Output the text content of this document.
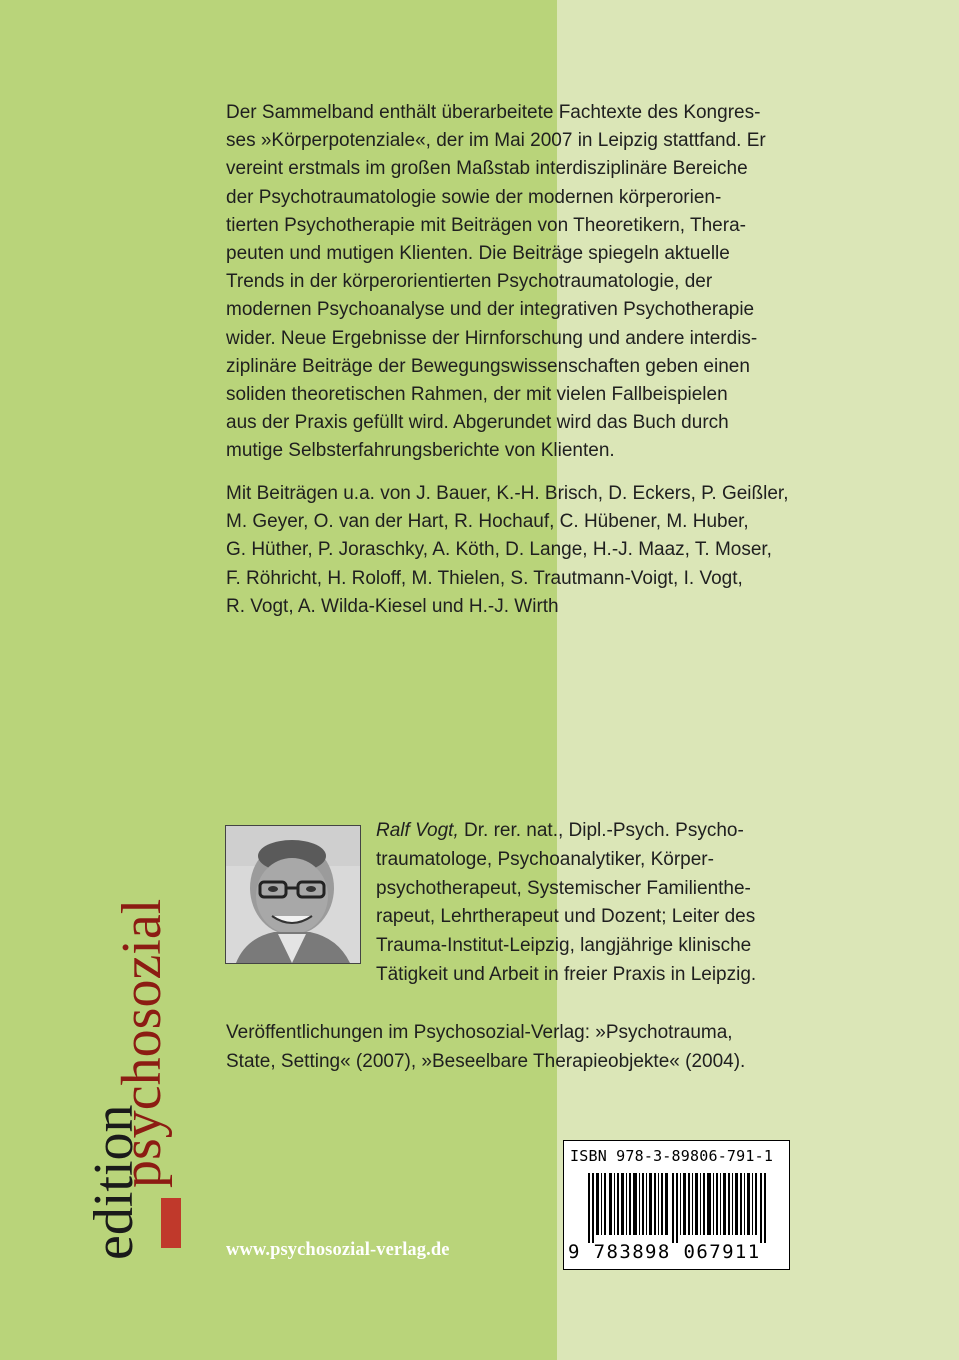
Der Sammelband enthält überarbeitete Fachtexte des Kongres-

ses »Körperpotenziale«, der im Mai 2007 in Leipzig stattfand. Er

vereint erstmals im großen Maßstab interdisziplinäre Bereiche

der Psychotraumatologie sowie der modernen körperorien-

tierten Psychotherapie mit Beiträgen von Theoretikern, Thera-

peuten und mutigen Klienten. Die Beiträge spiegeln aktuelle

Trends in der körperorientierten Psychotraumatologie, der

modernen Psychoanalyse und der integrativen Psychotherapie

wider. Neue Ergebnisse der Hirnforschung und andere interdis-

ziplinäre Beiträge der Bewegungswissenschaften geben einen

soliden theoretischen Rahmen, der mit vielen Fallbeispielen

aus der Praxis gefüllt wird. Abgerundet wird das Buch durch

mutige Selbsterfahrungsberichte von Klienten.

Mit Beiträgen u.a. von J. Bauer, K.-H. Brisch, D. Eckers, P. Geißler,

M. Geyer, O. van der Hart, R. Hochauf, C. Hübener, M. Huber,

G. Hüther, P. Joraschky, A. Köth, D. Lange, H.-J. Maaz, T. Moser,

F. Röhricht, H. Roloff, M. Thielen, S. Trautmann-Voigt, I. Vogt,

R. Vogt, A. Wilda-Kiesel und H.-J. Wirth

Ralf Vogt, Dr. rer. nat., Dipl.-Psych. Psycho-

traumatologe, Psychoanalytiker, Körper-

psychotherapeut, Systemischer Familienthe-

rapeut, Lehrtherapeut und Dozent; Leiter des

Trauma-Institut-Leipzig, langjährige klinische

Tätigkeit und Arbeit in freier Praxis in Leipzig.

Veröffentlichungen im Psychosozial-Verlag: »Psychotrauma,

State, Setting« (2007), »Beseelbare Therapieobjekte« (2004).

edition
psychosozial
www.psychosozial-verlag.de
ISBN 978-3-89806-791-1
9 783898 067911
